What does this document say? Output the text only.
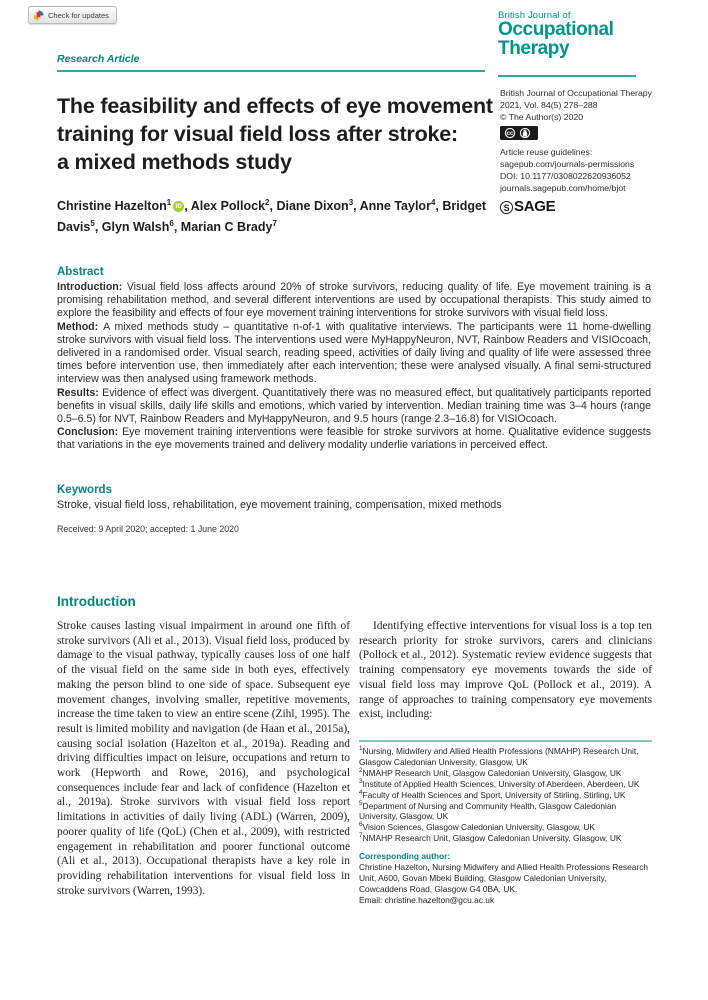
Check for updates	British Journal of
Occupational
Therapy
Research Article
The feasibility and effects of eye movement
training for visual field loss after stroke:
a mixed methods study
Christine Hazelton$^1$ iD , Alex Pollock$^2$, Diane Dixon$^3$, Anne Taylor$^4$, Bridget Davis$^5$, Glyn Walsh$^6$, Marian C Brady$^7$
British Journal of Occupational Therapy
2021, Vol. 84(5) 278–288
© The Author(s) 2020
cc
Article reuse guidelines:
sagepub.com/journals-permissions
DOI: 10.1177/0308022620936052
journals.sagepub.com/home/bjot
S SAGE
Abstract

Introduction: Visual field loss affects around 20% of stroke survivors, reducing quality of life. Eye movement training is a promising rehabilitation method, and several different interventions are used by occupational therapists. This study aimed to explore the feasibility and effects of four eye movement training interventions for stroke survivors with visual field loss.

Method: A mixed methods study – quantitative n-of-1 with qualitative interviews. The participants were 11 home-dwelling stroke survivors with visual field loss. The interventions used were MyHappyNeuron, NVT, Rainbow Readers and VISIOcoach, delivered in a randomised order. Visual search, reading speed, activities of daily living and quality of life were assessed three times before intervention use, then immediately after each intervention; these were analysed visually. A final semi-structured interview was then analysed using framework methods.

Results: Evidence of effect was divergent. Quantitatively there was no measured effect, but qualitatively participants reported benefits in visual skills, daily life skills and emotions, which varied by intervention. Median training time was 3–4 hours (range 0.5–6.5) for NVT, Rainbow Readers and MyHappyNeuron, and 9.5 hours (range 2.3–16.8) for VISIOcoach.

Conclusion: Eye movement training interventions were feasible for stroke survivors at home. Qualitative evidence suggests that variations in the eye movements trained and delivery modality underlie variations in perceived effect.

Keywords
Stroke, visual field loss, rehabilitation, eye movement training, compensation, mixed methods
Received: 9 April 2020; accepted: 1 June 2020
Introduction
Stroke causes lasting visual impairment in around one fifth of stroke survivors (Ali et al., 2013). Visual field loss, produced by damage to the visual pathway, typically causes loss of one half of the visual field on the same side in both eyes, effectively making the person blind to one side of space. Subsequent eye movement changes, involving smaller, repetitive movements, increase the time taken to view an entire scene (Zihl, 1995). The result is limited mobility and navigation (de Haan et al., 2015a), causing social isolation (Hazelton et al., 2019a). Reading and driving difficulties impact on leisure, occupations and return to work (Hepworth and Rowe, 2016), and psychological consequences include fear and lack of confidence (Hazelton et al., 2019a). Stroke survivors with visual field loss report limitations in activities of daily living (ADL) (Warren, 2009), poorer quality of life (QoL) (Chen et al., 2009), with restricted engagement in rehabilitation and poorer functional outcome (Ali et al., 2013). Occupational therapists have a key role in providing rehabilitation interventions for visual field loss in stroke survivors (Warren, 1993).

Identifying effective interventions for visual loss is a top ten research priority for stroke survivors, carers and clinicians (Pollock et al., 2012). Systematic review evidence suggests that training compensatory eye movements towards the side of visual field loss may improve QoL (Pollock et al., 2019). A range of approaches to training compensatory eye movements exist, including:

$^1$Nursing, Midwifery and Allied Health Professions (NMAHP) Research Unit, Glasgow Caledonian University, Glasgow, UK
$^2$NMAHP Research Unit, Glasgow Caledonian University, Glasgow, UK
$^3$Institute of Applied Health Sciences, University of Aberdeen, Aberdeen, UK
$^4$Faculty of Health Sciences and Sport, University of Stirling, Stirling, UK
$^5$Department of Nursing and Community Health, Glasgow Caledonian University, Glasgow, UK
$^6$Vision Sciences, Glasgow Caledonian University, Glasgow, UK
$^7$NMAHP Research Unit, Glasgow Caledonian University, Glasgow, UK
Corresponding author:
Christine Hazelton, Nursing Midwifery and Allied Health Professions Research Unit, A600, Govan Mbeki Building, Glasgow Caledonian University, Cowcaddens Road, Glasgow G4 0BA, UK.
Email: christine.hazelton@gcu.ac.uk
